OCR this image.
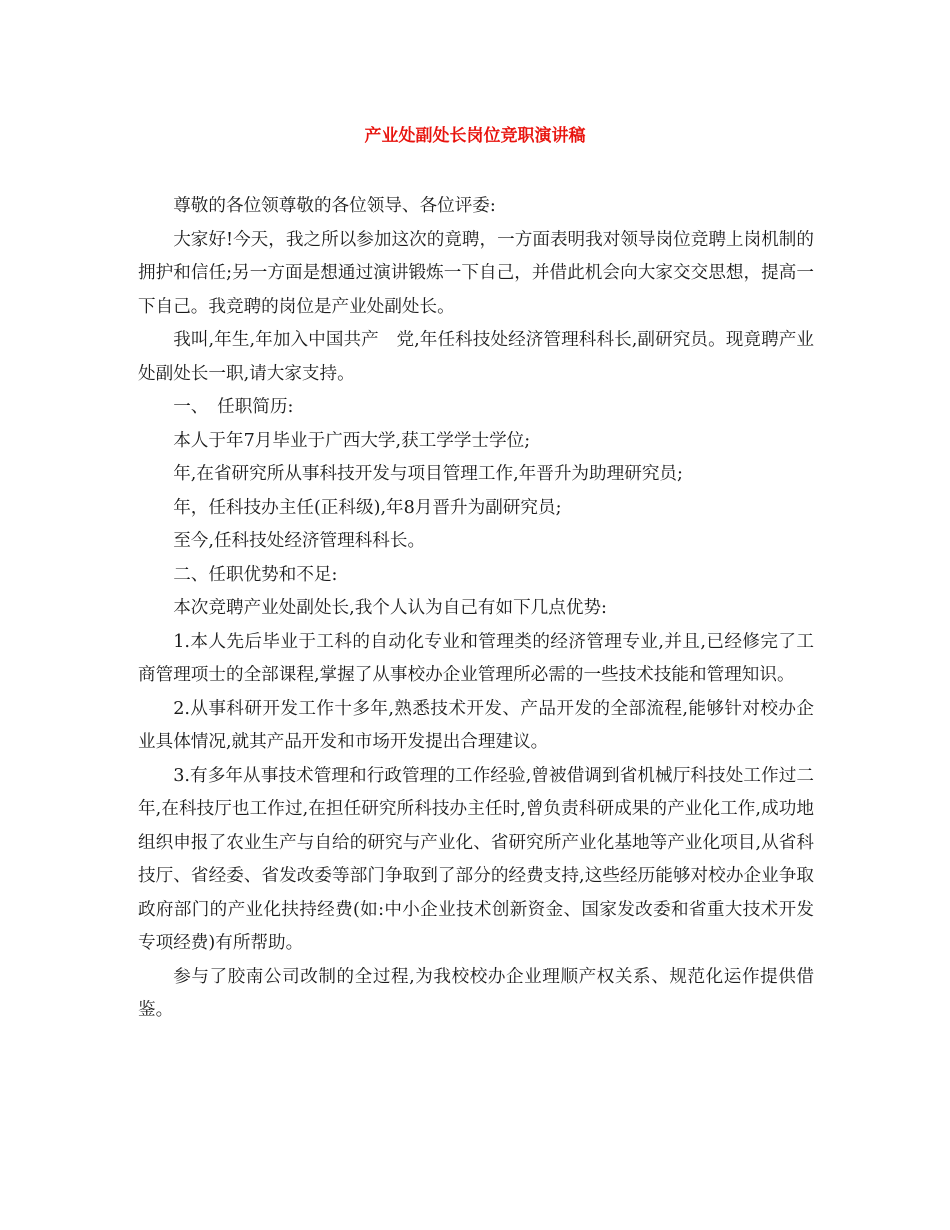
产业处副处长岗位竞职演讲稿

尊敬的各位领尊敬的各位领导、各位评委:

大家好!今天，我之所以参加这次的竟聘，一方面表明我对领导岗位竞聘上岗机制的拥护和信任;另一方面是想通过演讲锻炼一下自己，并借此机会向大家交交思想，提高一下自己。我竞聘的岗位是产业处副处长。

我叫,年生,年加入中国共产　党,年任科技处经济管理科科长,副研究员。现竟聘产业处副处长一职,请大家支持。

一、　任职简历:

本人于年7月毕业于广西大学,获工学学士学位;

年,在省研究所从事科技开发与项目管理工作,年晋升为助理研究员;

年，任科技办主任(正科级),年8月晋升为副研究员;

至今,任科技处经济管理科科长。

二、任职优势和不足:

本次竞聘产业处副处长,我个人认为自己有如下几点优势:

1.本人先后毕业于工科的自动化专业和管理类的经济管理专业,并且,已经修完了工商管理项士的全部课程,掌握了从事校办企业管理所必需的一些技术技能和管理知识。

2.从事科研开发工作十多年,熟悉技术开发、产品开发的全部流程,能够针对校办企业具体情况,就其产品开发和市场开发提出合理建议。

3.有多年从事技术管理和行政管理的工作经验,曾被借调到省机械厅科技处工作过二年,在科技厅也工作过,在担任研究所科技办主任时,曾负责科研成果的产业化工作,成功地组织申报了农业生产与自给的研究与产业化、省研究所产业化基地等产业化项目,从省科技厅、省经委、省发改委等部门争取到了部分的经费支持,这些经历能够对校办企业争取政府部门的产业化扶持经费(如:中小企业技术创新资金、国家发改委和省重大技术开发专项经费)有所帮助。

参与了胶南公司改制的全过程,为我校校办企业理顺产权关系、规范化运作提供借鉴。
